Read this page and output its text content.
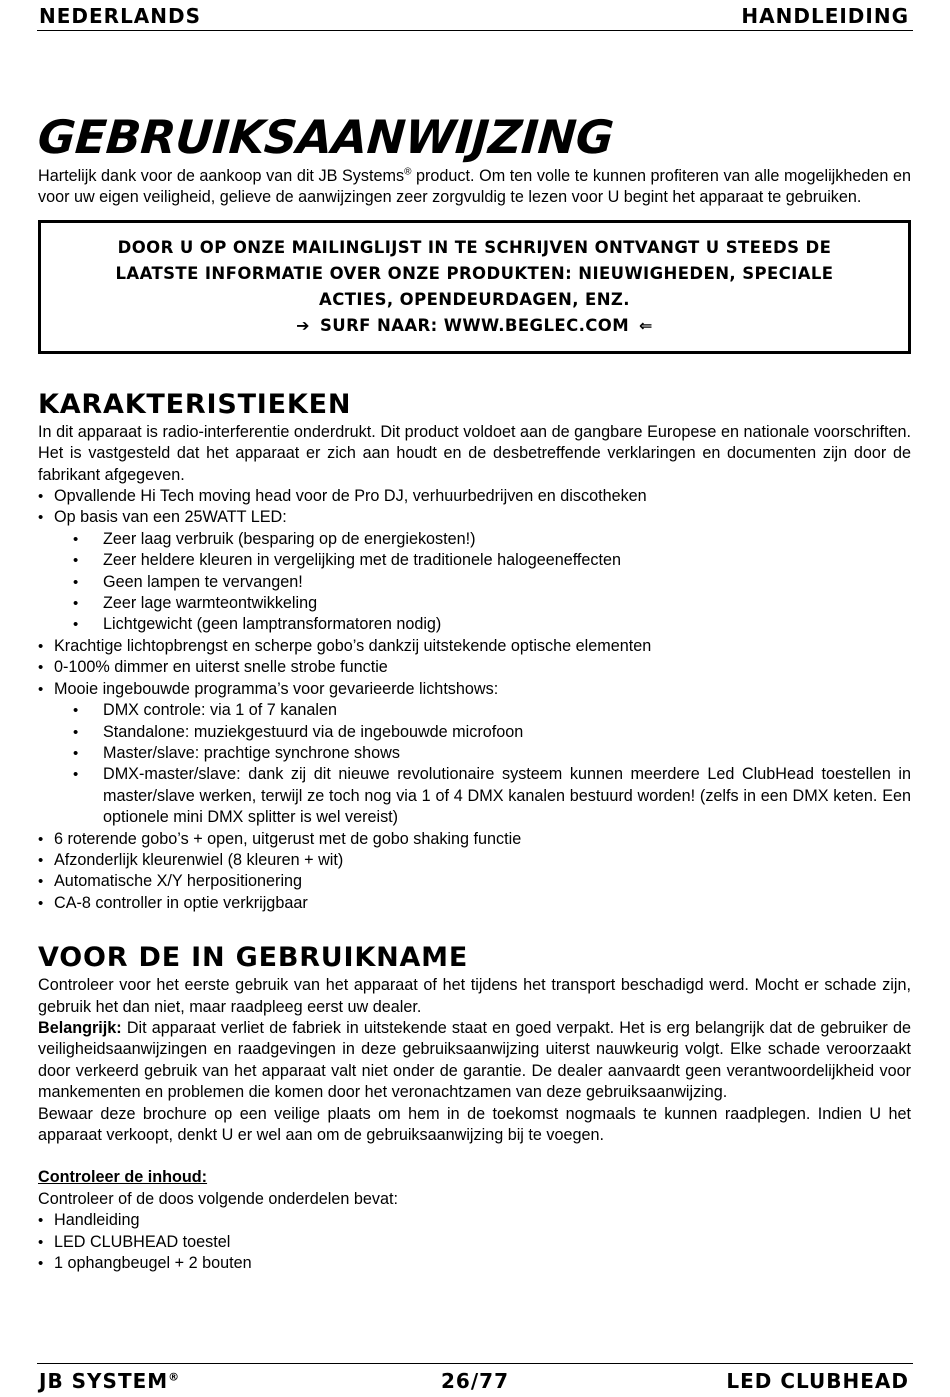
NEDERLANDS	HANDLEIDING
GEBRUIKSAANWIJZING

Hartelijk dank voor de aankoop van dit JB Systems® product. Om ten volle te kunnen profiteren van alle mogelijkheden en voor uw eigen veiligheid, gelieve de aanwijzingen zeer zorgvuldig te lezen voor U begint het apparaat te gebruiken.

DOOR U OP ONZE MAILINGLIJST IN TE SCHRIJVEN ONTVANGT U STEEDS DE
LAATSTE INFORMATIE OVER ONZE PRODUKTEN: NIEUWIGHEDEN, SPECIALE
ACTIES, OPENDEURDAGEN, ENZ.
➔ SURF NAAR: WWW.BEGLEC.COM ⇐
KARAKTERISTIEKEN

In dit apparaat is radio-interferentie onderdrukt. Dit product voldoet aan de gangbare Europese en nationale voorschriften. Het is vastgesteld dat het apparaat er zich aan houdt en de desbetreffende verklaringen en documenten zijn door de fabrikant afgegeven.

• Opvallende Hi Tech moving head voor de Pro DJ, verhuurbedrijven en discotheken
• Op basis van een 25WATT LED:
• Zeer laag verbruik (besparing op de energiekosten!)
• Zeer heldere kleuren in vergelijking met de traditionele halogeeneffecten
• Geen lampen te vervangen!
• Zeer lage warmteontwikkeling
• Lichtgewicht (geen lamptransformatoren nodig)
• Krachtige lichtopbrengst en scherpe gobo’s dankzij uitstekende optische elementen
• 0-100% dimmer en uiterst snelle strobe functie
• Mooie ingebouwde programma’s voor gevarieerde lichtshows:
• DMX controle: via 1 of 7 kanalen
• Standalone: muziekgestuurd via de ingebouwde microfoon
• Master/slave: prachtige synchrone shows
• DMX-master/slave: dank zij dit nieuwe revolutionaire systeem kunnen meerdere Led ClubHead toestellen in master/slave werken, terwijl ze toch nog via 1 of 4 DMX kanalen bestuurd worden! (zelfs in een DMX keten. Een optionele mini DMX splitter is wel vereist)
• 6 roterende gobo’s + open, uitgerust met de gobo shaking functie
• Afzonderlijk kleurenwiel (8 kleuren + wit)
• Automatische X/Y herpositionering
• CA-8 controller in optie verkrijgbaar
VOOR DE IN GEBRUIKNAME

Controleer voor het eerste gebruik van het apparaat of het tijdens het transport beschadigd werd. Mocht er schade zijn, gebruik het dan niet, maar raadpleeg eerst uw dealer.

Belangrijk: Dit apparaat verliet de fabriek in uitstekende staat en goed verpakt. Het is erg belangrijk dat de gebruiker de veiligheidsaanwijzingen en raadgevingen in deze gebruiksaanwijzing uiterst nauwkeurig volgt. Elke schade veroorzaakt door verkeerd gebruik van het apparaat valt niet onder de garantie. De dealer aanvaardt geen verantwoordelijkheid voor mankementen en problemen die komen door het veronachtzamen van deze gebruiksaanwijzing.

Bewaar deze brochure op een veilige plaats om hem in de toekomst nogmaals te kunnen raadplegen. Indien U het apparaat verkoopt, denkt U er wel aan om de gebruiksaanwijzing bij te voegen.

Controleer de inhoud:
Controleer of de doos volgende onderdelen bevat:
• Handleiding
• LED CLUBHEAD toestel
• 1 ophangbeugel + 2 bouten
JB SYSTEM®	26/77	LED CLUBHEAD
